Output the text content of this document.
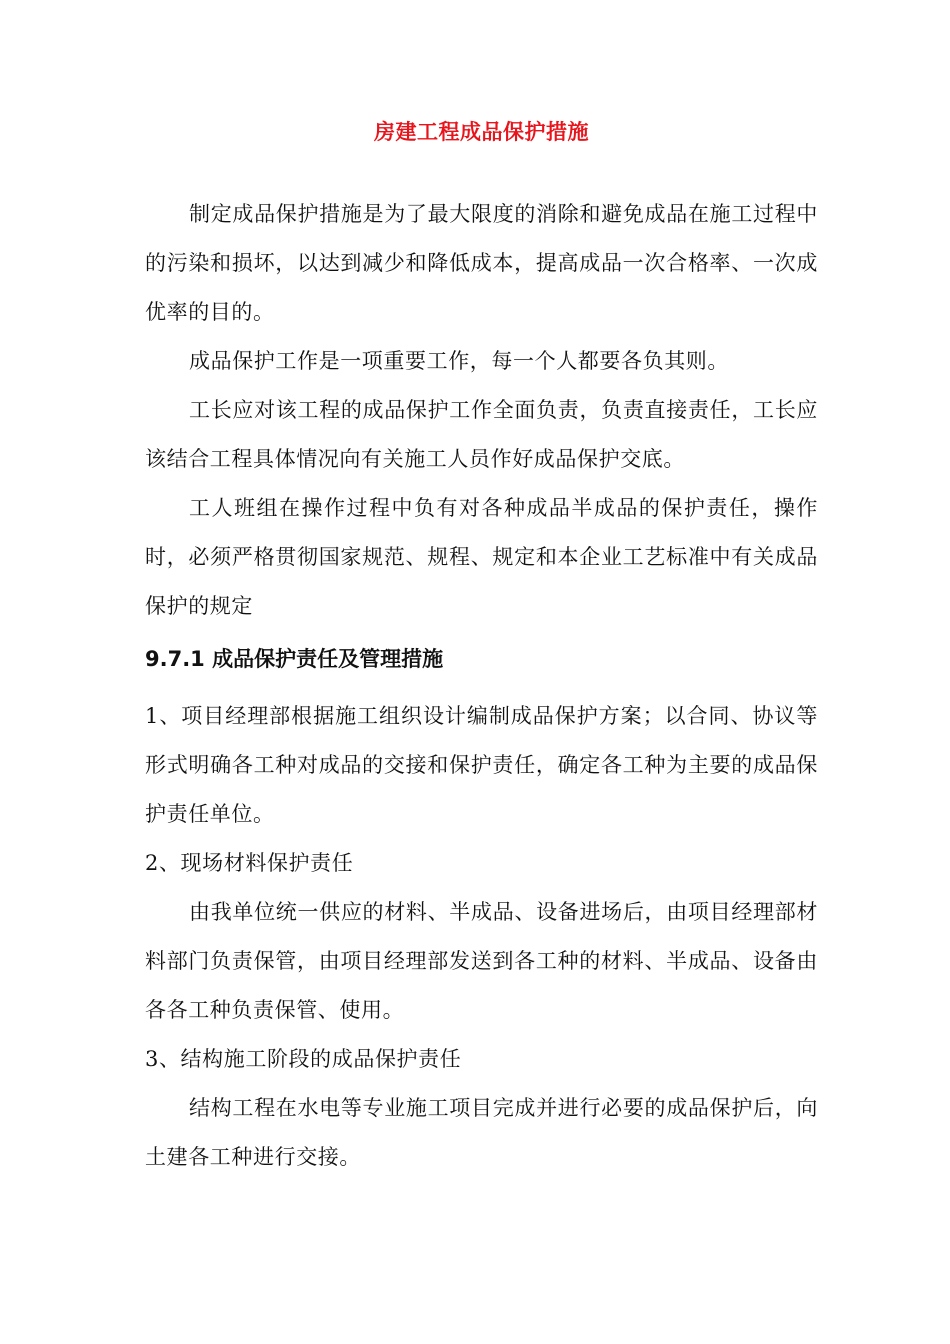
房建工程成品保护措施

制定成品保护措施是为了最大限度的消除和避免成品在施工过程中的污染和损坏，以达到减少和降低成本，提高成品一次合格率、一次成优率的目的。

成品保护工作是一项重要工作，每一个人都要各负其则。

工长应对该工程的成品保护工作全面负责，负责直接责任，工长应该结合工程具体情况向有关施工人员作好成品保护交底。

工人班组在操作过程中负有对各种成品半成品的保护责任，操作时，必须严格贯彻国家规范、规程、规定和本企业工艺标准中有关成品保护的规定

9.7.1 成品保护责任及管理措施

1、项目经理部根据施工组织设计编制成品保护方案；以合同、协议等形式明确各工种对成品的交接和保护责任，确定各工种为主要的成品保护责任单位。

2、现场材料保护责任

由我单位统一供应的材料、半成品、设备进场后，由项目经理部材料部门负责保管，由项目经理部发送到各工种的材料、半成品、设备由各各工种负责保管、使用。

3、结构施工阶段的成品保护责任

结构工程在水电等专业施工项目完成并进行必要的成品保护后，向土建各工种进行交接。
